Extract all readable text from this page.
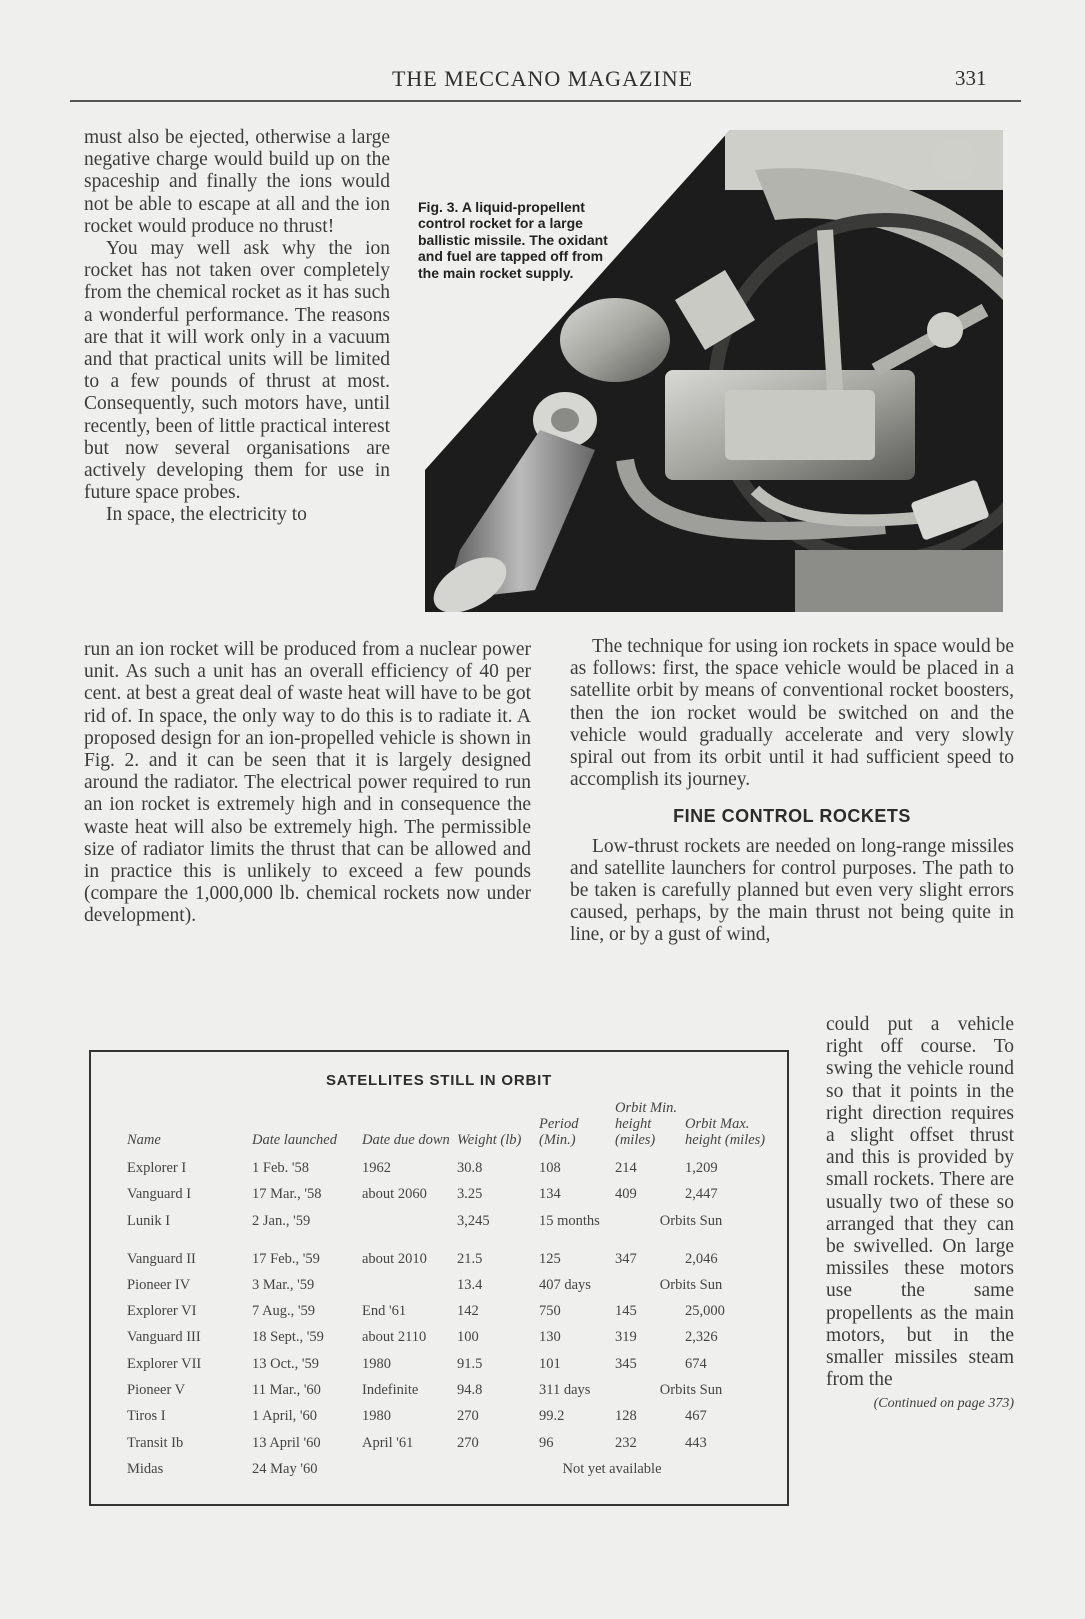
THE MECCANO MAGAZINE	331
Fig. 3. A liquid-propellent control rocket for a large ballistic missile. The oxidant and fuel are tapped off from the main rocket supply.

must also be ejected, otherwise a large negative charge would build up on the spaceship and finally the ions would not be able to escape at all and the ion rocket would produce no thrust!

You may well ask why the ion rocket has not taken over completely from the chemical rocket as it has such a wonderful performance. The reasons are that it will work only in a vacuum and that practical units will be limited to a few pounds of thrust at most. Consequently, such motors have, until recently, been of little practical interest but now several organisations are actively developing them for use in future space probes.

In space, the electricity to

run an ion rocket will be produced from a nuclear power unit. As such a unit has an overall efficiency of 40 per cent. at best a great deal of waste heat will have to be got rid of. In space, the only way to do this is to radiate it. A proposed design for an ion-propelled vehicle is shown in Fig. 2. and it can be seen that it is largely designed around the radiator. The electrical power required to run an ion rocket is extremely high and in consequence the waste heat will also be extremely high. The permissible size of radiator limits the thrust that can be allowed and in practice this is unlikely to exceed a few pounds (compare the 1,000,000 lb. chemical rockets now under development).

The technique for using ion rockets in space would be as follows: first, the space vehicle would be placed in a satellite orbit by means of conventional rocket boosters, then the ion rocket would be switched on and the vehicle would gradually accelerate and very slowly spiral out from its orbit until it had sufficient speed to accomplish its journey.

FINE CONTROL ROCKETS

Low-thrust rockets are needed on long-range missiles and satellite launchers for control purposes. The path to be taken is carefully planned but even very slight errors caused, perhaps, by the main thrust not being quite in line, or by a gust of wind,

could put a vehicle right off course. To swing the vehicle round so that it points in the right direction requires a slight offset thrust and this is provided by small rockets. There are usually two of these so arranged that they can be swivelled. On large missiles these motors use the same propellents as the main motors, but in the smaller missiles steam from the

(Continued on page 373)
SATELLITES STILL IN ORBIT
Name	Date launched	Date due down	Weight (lb)	Period (Min.)	Orbit Min. height (miles)	Orbit Max. height (miles)
Explorer I	1 Feb. '58	1962	30.8	108	214	1,209
Vanguard I	17 Mar., '58	about 2060	3.25	134	409	2,447
Lunik I	2 Jan., '59		3,245	15 months	Orbits Sun	
Vanguard II	17 Feb., '59	about 2010	21.5	125	347	2,046
Pioneer IV	3 Mar., '59		13.4	407 days	Orbits Sun	
Explorer VI	7 Aug., '59	End '61	142	750	145	25,000
Vanguard III	18 Sept., '59	about 2110	100	130	319	2,326
Explorer VII	13 Oct., '59	1980	91.5	101	345	674
Pioneer V	11 Mar., '60	Indefinite	94.8	311 days	Orbits Sun	
Tiros I	1 April, '60	1980	270	99.2	128	467
Transit Ib	13 April '60	April '61	270	96	232	443
Midas	24 May '60		Not yet available			
